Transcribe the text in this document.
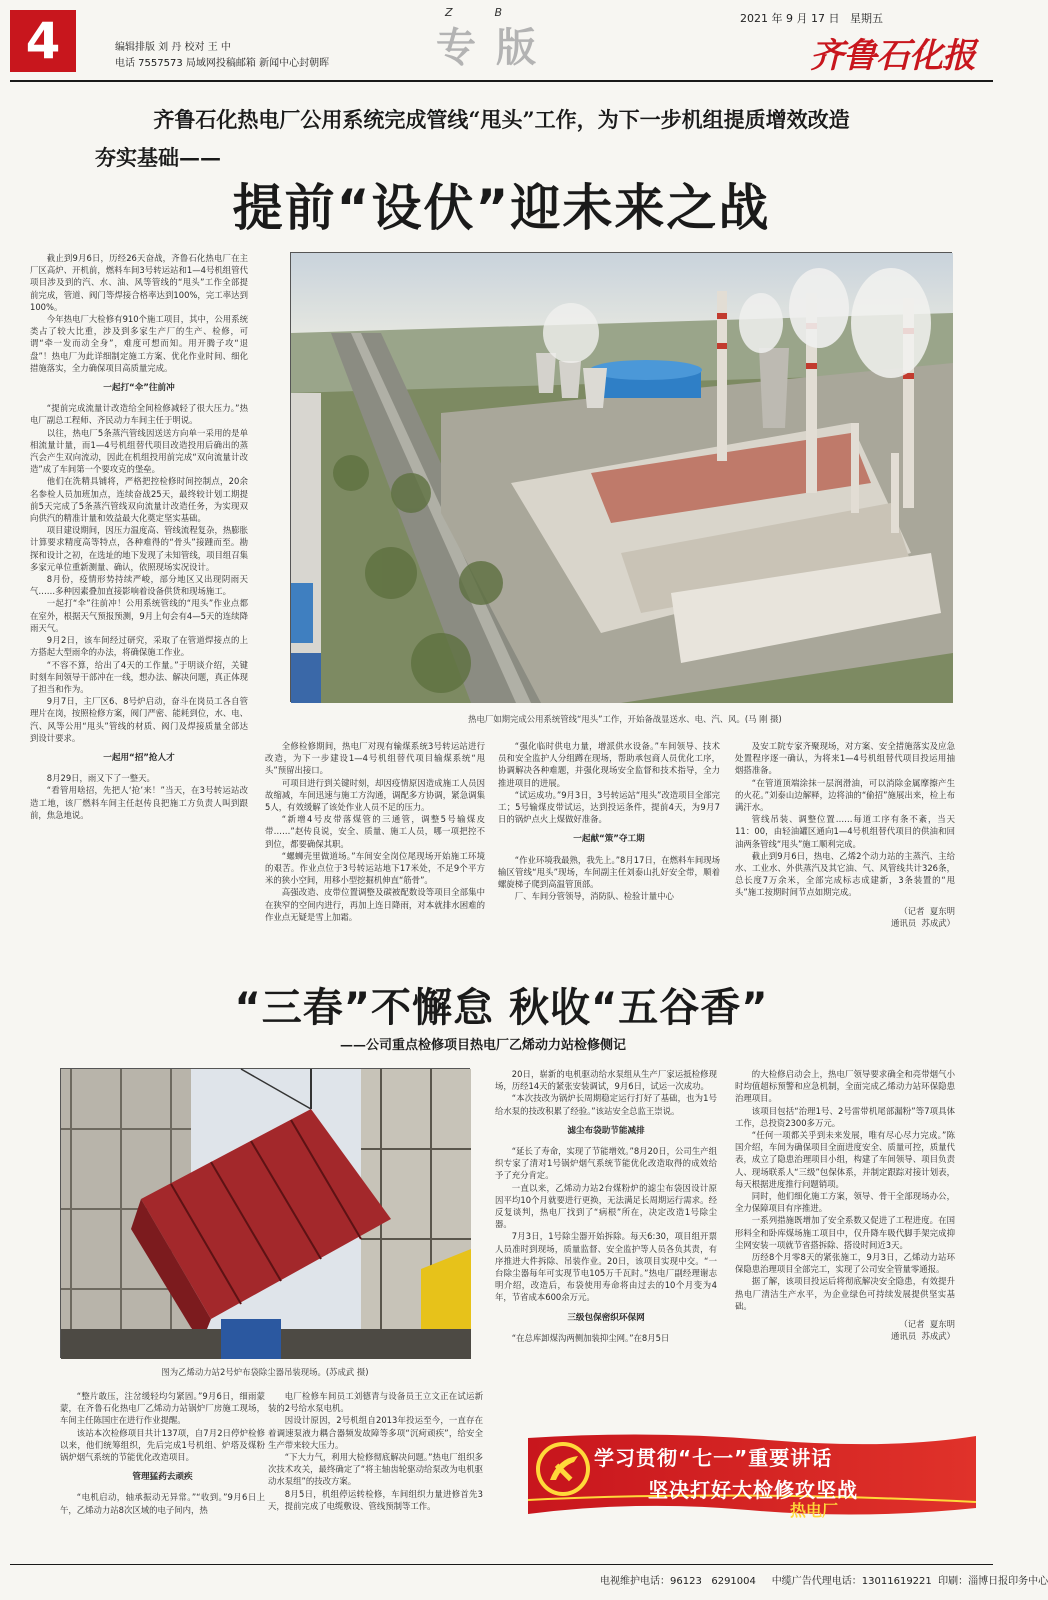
4	编辑排版 刘 丹 校对 王 中
电话 7557573 局域网投稿邮箱 新闻中心封朝晖
ZB
专版
2021 年 9 月 17 日   星期五
齐鲁石化报
齐鲁石化热电厂公用系统完成管线“甩头”工作，为下一步机组提质增效改造
夯实基础——
提前“设伏”迎未来之战

截止到9月6日，历经26天奋战，齐鲁石化热电厂在主厂区高炉、开机前，燃料车间3号转运站和1—4号机组管代项目涉及到的汽、水、油、风等管线的“甩头”工作全部提前完成，管道、阀门等焊接合格率达到100%，完工率达到100%。

今年热电厂大检修有910个施工项目，其中，公用系统类占了较大比重，涉及到多家生产厂的生产、检修，可谓“牵一发而动全身”，难度可想而知。用开腾子攻“退盘”！热电厂为此详细制定施工方案、优化作业时间、细化措施落实，全力确保项目高质量完成。

一起打“伞”往前冲

“提前完成流量计改造给全间检修减轻了很大压力。”热电厂副总工程师、齐民动力车间主任于明说。

以往，热电厂5条蒸汽管线因送送方向单一采用的是单相流量计量，而1—4号机组替代项目改造投用后确出的蒸汽会产生双向流动，因此在机组投用前完成“双向流量计改造”成了车间第一个要攻克的堡垒。

他们在洗精具铺将，严格把控检修时间控制点，20余名参检人员加班加点，连续奋战25天，最终较计划工期提前5天完成了5条蒸汽管线双向流量计改造任务，为实现双向供汽的精准计量和效益最大化奠定坚实基础。

项目建设期间，因压力温度高、管线流程复杂，热膨胀计算要求精度高等特点，各种难得的“骨头”接踵而至。勘探和设计之初，在选址的地下发现了未知管线，项目组召集多家元单位重新测量、确认，依照现场实况设计。

8月份，疫情形势持续严峻，部分地区又出现阴雨天气……多种因素叠加直接影响着设备供货和现场施工。

一起打“伞”往前冲！公用系统管线的“甩头”作业点都在室外，根据天气预报预测，9月上旬会有4—5天的连续降雨天气。

9月2日，该车间经过研究，采取了在管道焊接点的上方搭起大型雨伞的办法，将确保施工作业。

“不容不算，给出了4天的工作量。”于明谈介绍，关键时刻车间领导干部冲在一线，想办法、解决问题，真正体现了担当和作为。

9月7日，主厂区6、8号炉启动，奋斗在岗员工各自管理片在岗，按照检修方案，阀门严密、能耗到位，水、电、汽、风等公用“甩头”管线的材质、阀门及焊接质量全部达到设计要求。

一起用“招”抢人才

8月29日，雨又下了一整天。

“看管用啥招，先把人‘抢’来！”当天，在3号转运站改造工地，该厂燃料车间主任赵传良把施工方负责人叫到跟前，焦急地说。

热电厂如期完成公用系统管线“甩头”工作，开始备战显送水、电、汽、风。(马 刚 摄)

全修检修期间，热电厂对现有输煤系统3号转运站进行改造，为下一步建设1—4号机组替代项目输煤系统“甩头”预留出接口。

可项目进行到关键时刻，却因疫情原因造成施工人员因故缩减，车间迅速与施工方沟通，调配多方协调，紧急调集5人，有效缓解了该处作业人员不足的压力。

“新增4号皮带落煤管的三通管，调整5号输煤皮带……”赵传良说，安全、质量、施工人员，哪一项把控不到位，都要确保其职。

“螺蛳壳里做道场。”车间安全岗位尾现场开始施工环境的艰苦。作业点位于3号转运站地下17米处，不足9个平方米的狭小空间，用移小型挖掘机伸直“筋骨”。

高强改造、皮带位置调整及碳被配数设等项目全部集中在狭窄的空间内进行，再加上连日降雨，对本就排水困难的作业点无疑是雪上加霜。

“强化临时供电力量，增派供水设备。”车间领导、技术员和安全监护人分组蹲在现场，帮助承包商人员优化工序，协调解决各种难题，并强化现场安全监督和技术指导，全力推进项目的进展。

“试运成功。”9月3日，3号转运站“甩头”改造项目全部完工；5号输煤皮带试运，达到投运条件，提前4天，为9月7日的锅炉点火上煤做好准备。

一起献“策”夺工期

“作业环境我最熟，我先上。”8月17日，在燃料车间现场输区管线“甩头”现场，车间副主任刘泰山扎好安全带，顺着螺旋梯子爬到高温管顶部。

厂、车间分管领导，消防队、检验计量中心

及安工院专家齐聚现场，对方案、安全措施落实及应急处置程序逐一确认，为将来1—4号机组替代项目投运用抽烟搭准备。

“在管道顶端涂抹一层润滑油，可以消除金属摩擦产生的火花。”刘泰山边解释，边将油的“偷招”施展出来，检上布满汗水。

管线吊装、调整位置……每道工序有条不紊，当天11：00，由轻油罐区通向1—4号机组替代项目的供油和回油两条管线“甩头”施工顺利完成。

截止到9月6日，热电、乙烯2个动力站的主蒸汽、主给水、工业水、外供蒸汽及其它油、气、风管线共计326条，总长度7万余米，全部完成标志成建新，3条装置的“甩头”施工按期时间节点如期完成。

（记者  夏东明
通讯员  苏成武）

“三春”不懈怠 秋收“五谷香”
——公司重点检修项目热电厂乙烯动力站检修侧记
图为乙烯动力站2号炉布袋除尘器吊装现场。(苏成武 摄)

20日，崭新的电机驱动给水泵组从生产厂家运抵检修现场，历经14天的紧张安装调试，9月6日，试运一次成功。

“本次技改为锅炉长周期稳定运行打好了基础，也为1号给水泵的技改积累了经验。”该站安全总监王崇说。

滤尘布袋助节能减排

“延长了寿命，实现了节能增效。”8月20日，公司生产组织专家了清对1号锅炉烟气系统节能优化改造取得的成效给予了充分肯定。

一直以来，乙烯动力站2台煤粉炉的滤尘布袋因设计原因平均10个月就要进行更换，无法满足长周期运行需求。经反复谈判，热电厂找到了“病根”所在，决定改造1号除尘器。

7月3日，1号除尘器开始拆除。每天6:30，项目组开票人员准时到现场，质量监督、安全监护等人员各负其责，有序推进大件拆除、吊装作业。20日，该项目实现中交。“一台除尘器每年可实现节电105万千瓦时。”热电厂副经理谢志明介绍，改造后，布袋使用寿命将由过去的10个月变为4年，节省成本600余万元。

三级包保密织环保网

“在总库卸煤沟两侧加装抑尘网。”在8月5日

的大检修启动会上，热电厂领导要求确全和亮带烟气小时均值超标预警和应急机制，全面完成乙烯动力站环保隐患治理项目。

该项目包括“治理1号、2号雷带机尾部漏粉”等7项具体工作，总投资2300多万元。

“任何一项都关乎到未来发展，唯有尽心尽力完成。”陈国介绍，车间为确保项目全面进度安全、质量可控，质量代表，成立了隐患治理项目小组，构建了车间领导、项目负责人、现场联系人“三级”包保体系，并制定跟踪对接计划表，每天根据进度推行问题销项。

同时，他们细化施工方案，领导、骨干全部现场办公，全力保障项目有序推进。

一系列措施既增加了安全系数又促进了工程进度。在国形料全和卧库煤场施工项目中，仅升降车吸代脚手架完成抑尘网安装一项就节省搭拆除、搭设时间近3天。

历经8个月零8天的紧张施工，9月3日，乙烯动力站环保隐患治理项目全部完工，实现了公司安全管量零通报。

据了解，该项目投运后将彻底解决安全隐患，有效提升热电厂清洁生产水平，为企业绿色可持续发展提供坚实基础。

（记者  夏东明
通讯员  苏成武）

“整片敢压，注岔缓轻均匀紧固。”9月6日，细雨蒙蒙，在齐鲁石化热电厂乙烯动力站锅炉厂房施工现场，车间主任陈国庄在进行作业提醒。

该站本次检修项目共计137项，自7月2日停炉检修以来，他们统筹组织，先后完成1号机组、炉塔及煤粉锅炉烟气系统的节能优化改造项目。

管理猛药去顽疾

“电机启动，轴承振动无异常。”“收到。”9月6日上午，乙烯动力站8次区域的电子间内，热

电厂检修车间员工刘德青与设备员王立文正在试运新装的2号给水泵电机。

因设计原因，2号机组自2013年投运至今，一直存在着调速泵液力耦合器频发故障等多项“沉疴顽疾”，给安全生产带来较大压力。

“下大力气，利用大检修彻底解决问题。”热电厂组织多次技术攻关，最终确定了“将主轴齿轮驱动给泵改为电机驱动水泵组”的技改方案。

8月5日，机组停运转检修，车间组织力量进修首先3天，提前完成了电缆敷设、管线预制等工作。

学习贯彻“七一”重要讲话
坚决打好大检修攻坚战
热电厂
电视维护电话：96123   6291004     中缆广告代理电话：13011619221  印刷：淄博日报印务中心
